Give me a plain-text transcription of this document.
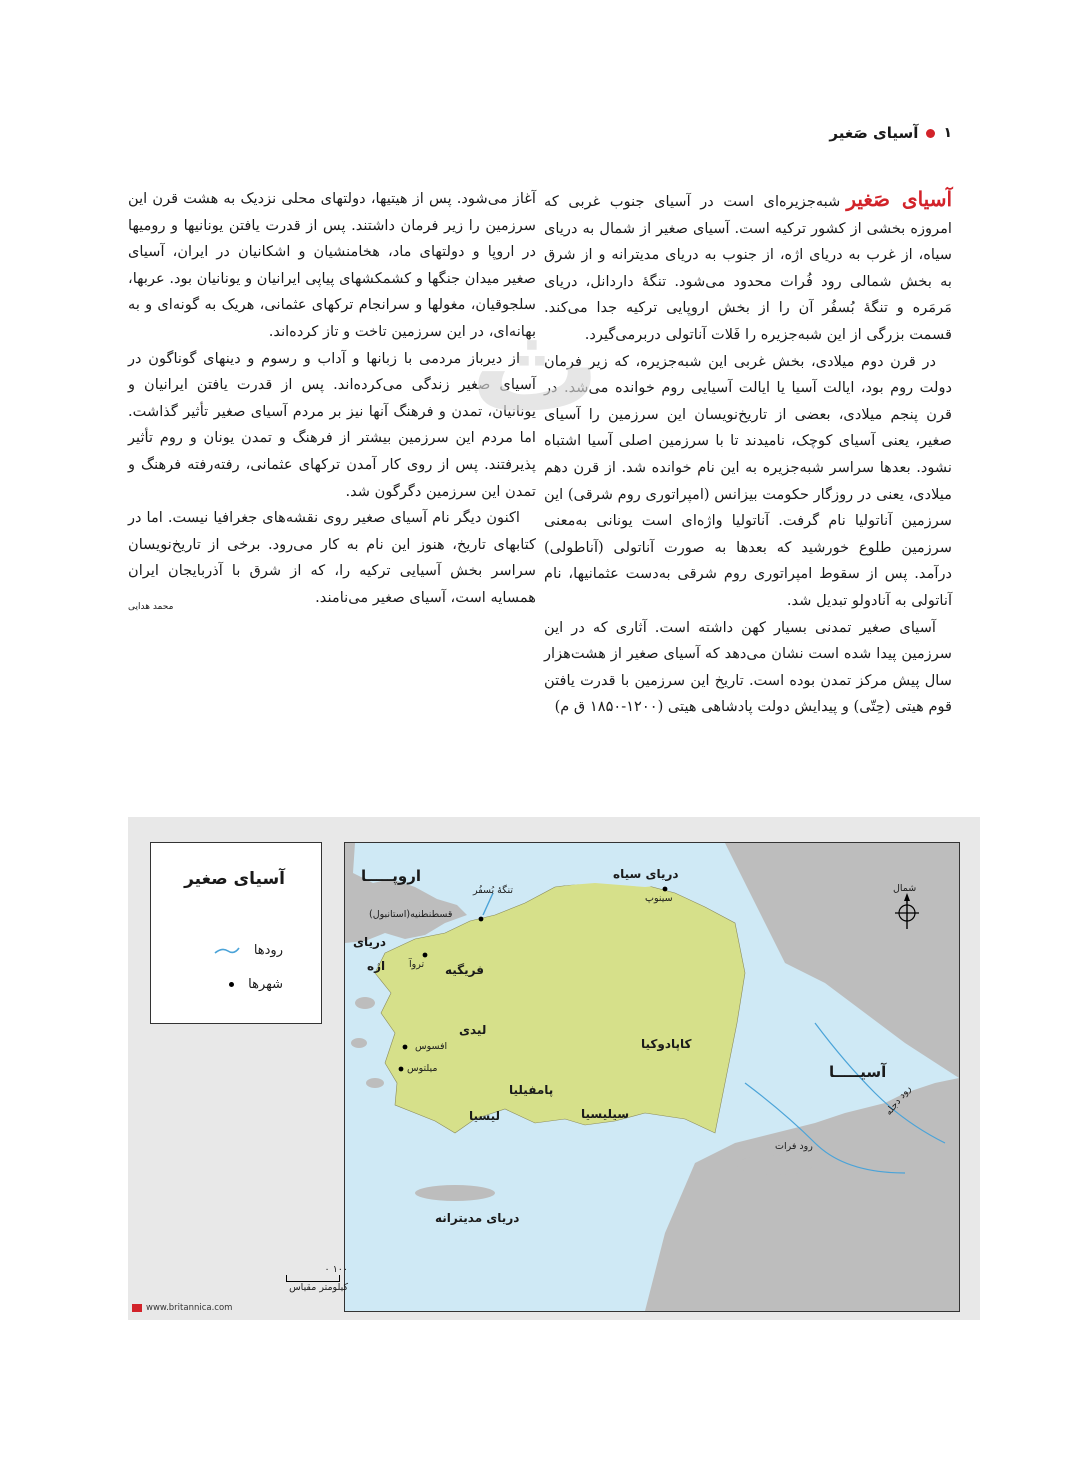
۱
آسیای صَغیر

آسیای صَغیرشبه‌جزیره‌ای است در آسیای جنوب غربی که امروزه بخشی از کشور ترکیه است. آسیای صغیر از شمال به دریای سیاه، از غرب به دریای اژه، از جنوب به دریای مدیترانه و از شرق به بخش شمالی رود فُرات محدود می‌شود. تنگهٔ داردانل، دریای مَرمَره و تنگهٔ بُسفُر آن را از بخش اروپایی ترکیه جدا می‌کند. قسمت بزرگی از این شبه‌جزیره را فَلات آناتولی دربرمی‌گیرد.

در قرن دوم میلادی، بخش غربی این شبه‌جزیره، که زیر فرمان دولت روم بود، ایالت آسیا یا ایالت آسیایی روم خوانده می‌شد. در قرن پنجم میلادی، بعضی از تاریخ‌نویسان این سرزمین را آسیای صغیر، یعنی آسیای کوچک، نامیدند تا با سرزمین اصلی آسیا اشتباه نشود. بعدها سراسر شبه‌جزیره به این نام خوانده شد. از قرن دهم میلادی، یعنی در روزگار حکومت بیزانس (امپراتوری روم شرقی) این سرزمین آناتولیا نام گرفت. آناتولیا واژه‌ای است یونانی به‌معنی سرزمین طلوع خورشید که بعدها به صورت آناتولی (آناطولی) درآمد. پس از سقوط امپراتوری روم شرقی به‌دست عثمانیها، نام آناتولی به آنادولو تبدیل شد.

آسیای صغیر تمدنی بسیار کهن داشته است. آثاری که در این سرزمین پیدا شده است نشان می‌دهد که آسیای صغیر از هشت‌هزار سال پیش مرکز تمدن بوده است. تاریخ این سرزمین با قدرت یافتن قوم هیتی (حِتّی) و پیدایش دولت پادشاهی هیتی (۱۲۰۰-۱۸۵۰ ق م)

آغاز می‌شود. پس از هیتیها، دولتهای محلی نزدیک به هشت قرن این سرزمین را زیر فرمان داشتند. پس از قدرت یافتن یونانیها و رومیها در اروپا و دولتهای ماد، هخامنشیان و اشکانیان در ایران، آسیای صغیر میدان جنگها و کشمکشهای پیاپی ایرانیان و یونانیان بود. عربها، سلجوقیان، مغولها و سرانجام ترکهای عثمانی، هریک به گونه‌ای و به بهانه‌ای، در این سرزمین تاخت و تاز کرده‌اند.

از دیرباز مردمی با زبانها و آداب و رسوم و دینهای گوناگون در آسیای صغیر زندگی می‌کرده‌اند. پس از قدرت یافتن ایرانیان و یونانیان، تمدن و فرهنگ آنها نیز بر مردم آسیای صغیر تأثیر گذاشت. اما مردم این سرزمین بیشتر از فرهنگ و تمدن یونان و روم تأثیر پذیرفتند. پس از روی کار آمدن ترکهای عثمانی، رفته‌رفته فرهنگ و تمدن این سرزمین دگرگون شد.

اکنون دیگر نام آسیای صغیر روی نقشه‌های جغرافیا نیست. اما در کتابهای تاریخ، هنوز این نام به کار می‌رود. برخی از تاریخ‌نویسان سراسر بخش آسیایی ترکیه را، که از شرق با آذربایجان ایران همسایه است، آسیای صغیر می‌نامند.

محمد هدایی
ث
آسیای صغیر
رودها
شهرها
اروپـــــا
آسیـــــا
دریای سیاه
سینوپ
تنگهٔ بُسفُر
قسطنطنیه(استانبول)
دریای
اژه	تروآ فریگیه
لیدی
افسوس
میلتوس
کاپادوکیا
پامفیلیا
لیسیا	سیلیسیا
دریای مدیترانه
رود دجله
رود فرات
شمال
۱۰۰ ۰
کیلومتر مقیاس
www.britannica.com
